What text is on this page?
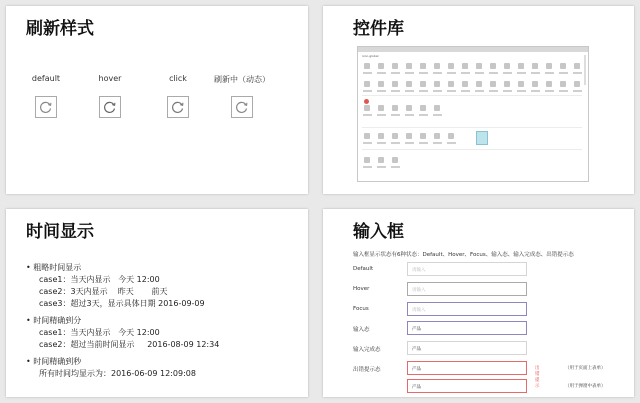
刷新样式
default	hover	click	刷新中（动态）
控件库
icon-global
时间显示
• 粗略时间显示
case1：当天内显示   今天 12:00
case2：3天内显示    昨天       前天
case3：超过3天，显示具体日期 2016-09-09
• 时间精确到分
case1：当天内显示   今天 12:00
case2：超过当前时间显示     2016-08-09 12:34
• 时间精确到秒
所有时间均显示为：2016-06-09 12:09:08
输入框
输入框显示状态有6种状态：Default、Hover、Focus、输入态、输入完成态、出错提示态
Default	请输入
Hover	请输入
Focus	请输入
输入态	产品
输入完成态	产品
出错提示态	产品	出错提示
（用于页面上表单）
产品	（用于弹窗中表单）
